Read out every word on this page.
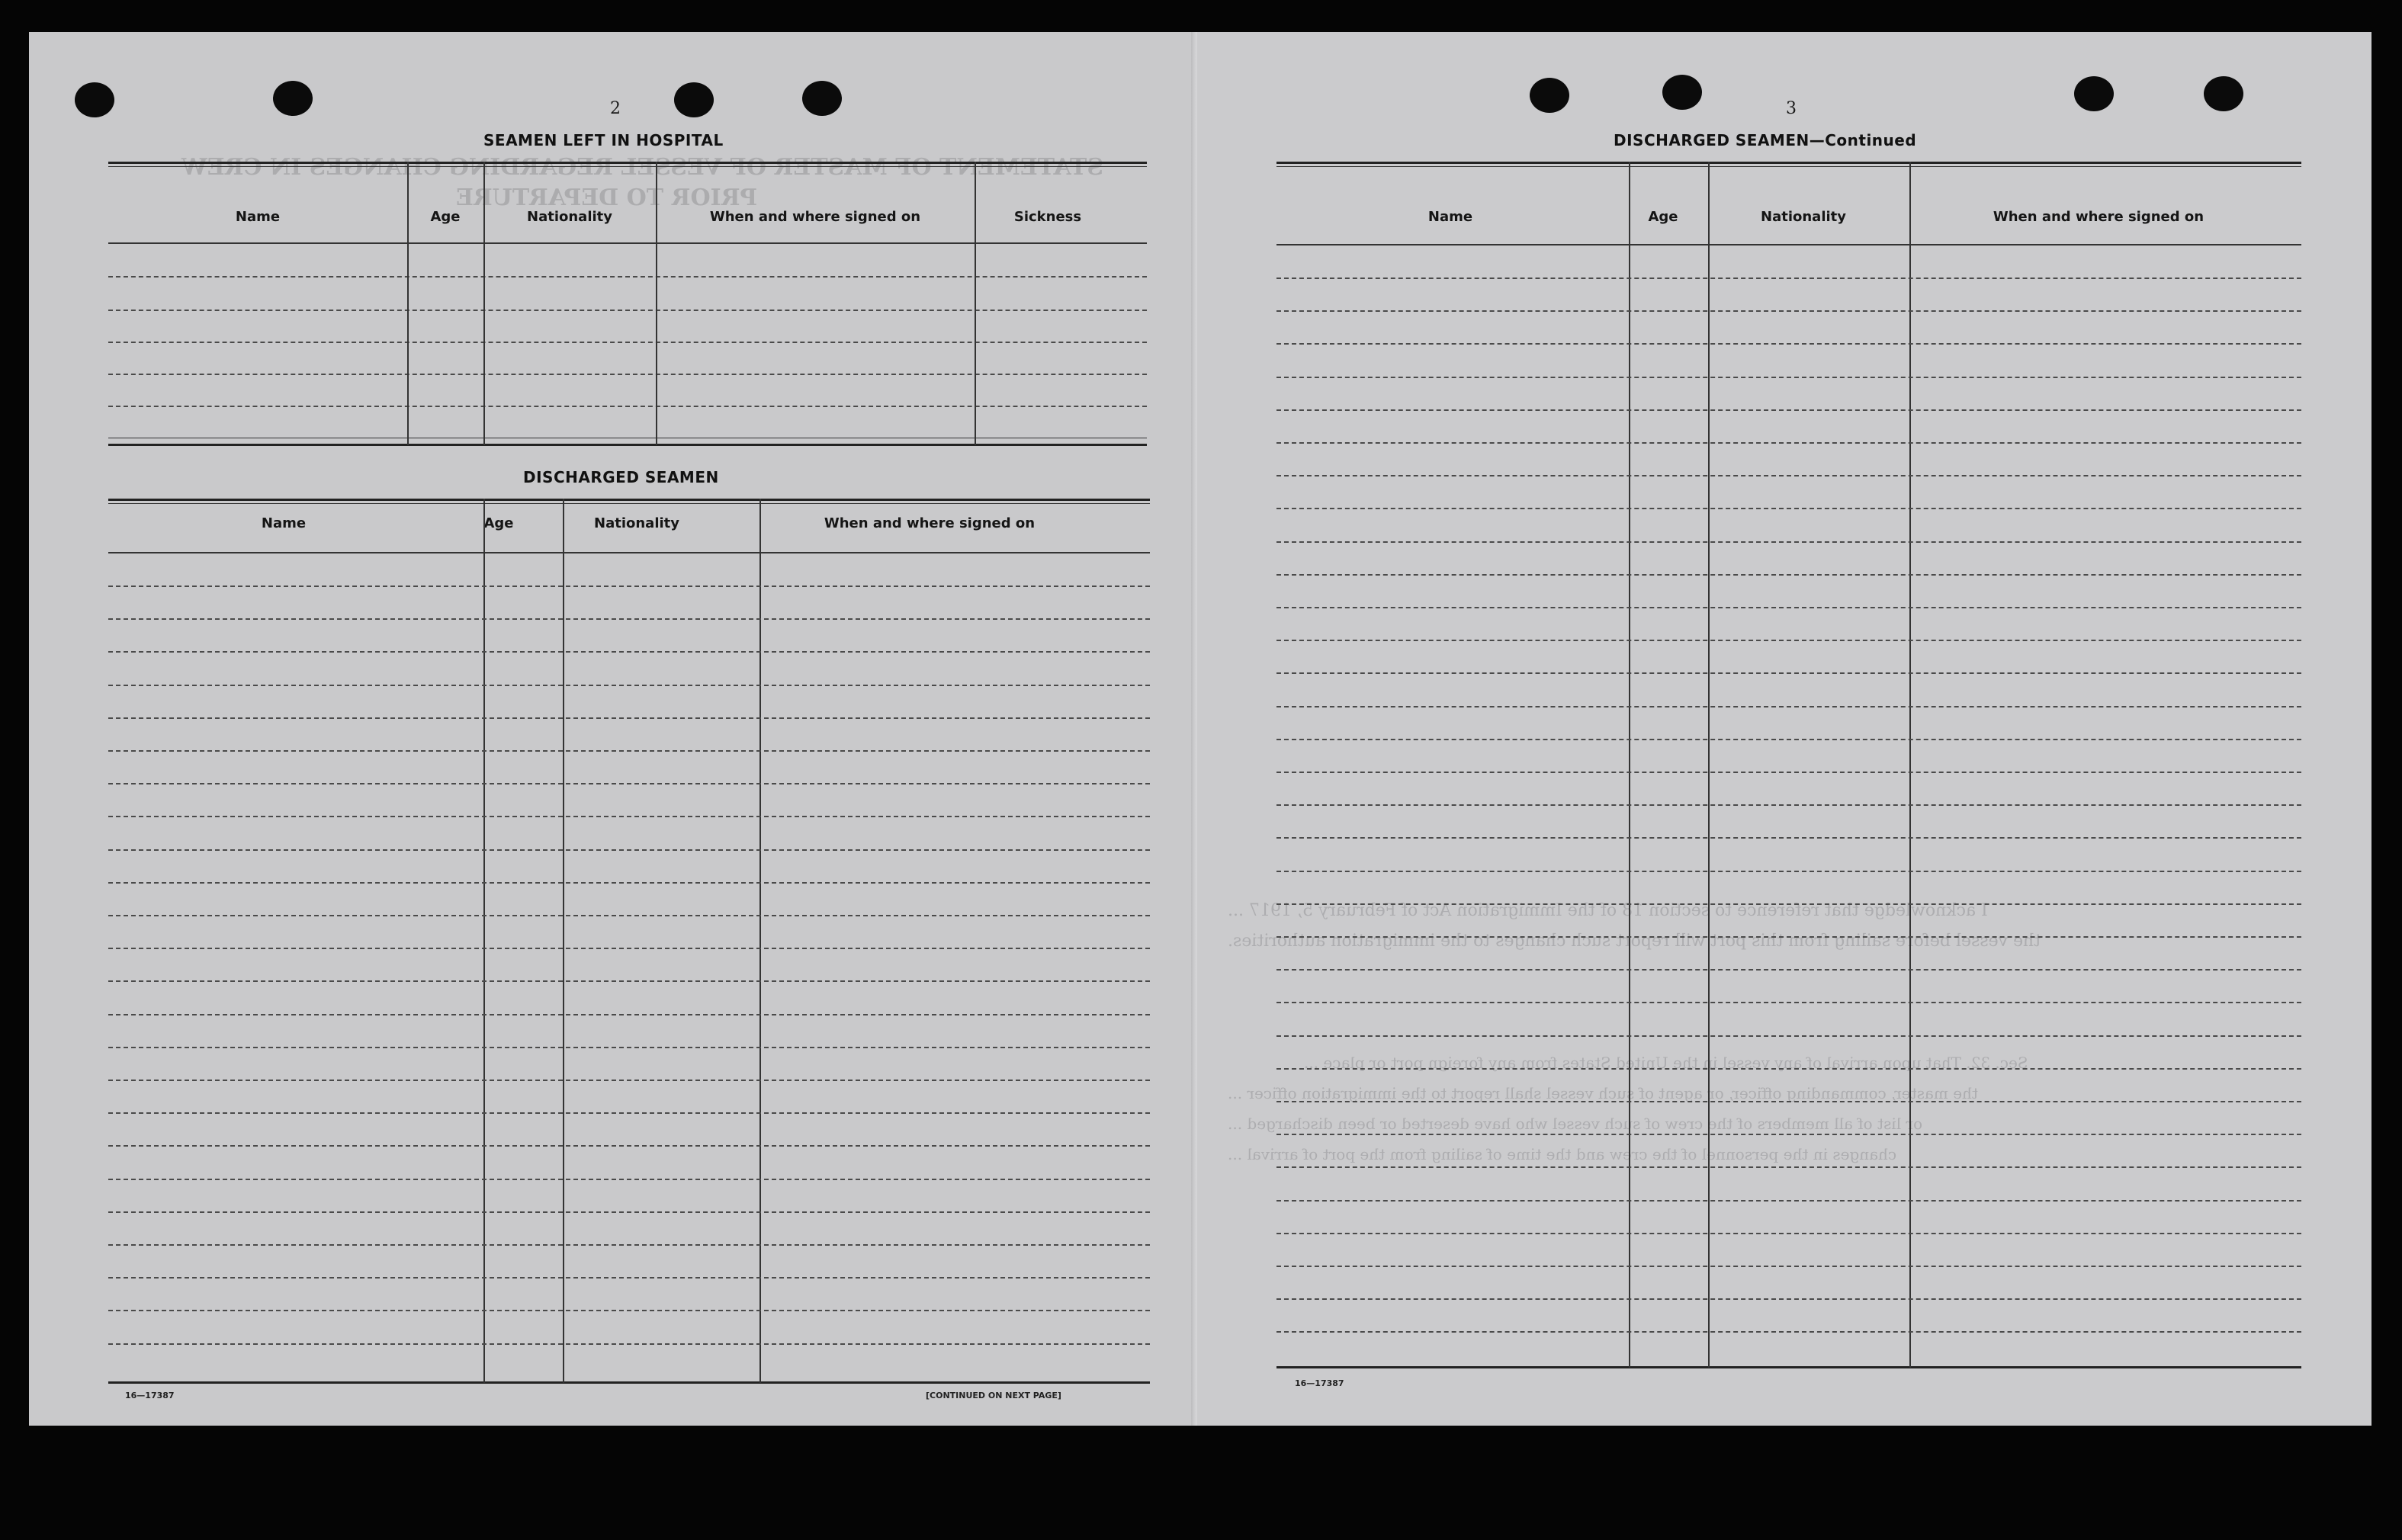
STATEMENT OF MASTER OF VESSEL REGARDING CHANGES IN CREW
PRIOR TO DEPARTURE
2
SEAMEN LEFT IN HOSPITAL
Name	Age	Nationality	When and where signed on	Sickness
DISCHARGED SEAMEN
Name	Age	Nationality	When and where signed on
16—17387	[CONTINUED ON NEXT PAGE]
I acknowledge that reference to section 18 of the Immigration Act of February 5, 1917 ...
the vessel before sailing from this port will report such changes to the immigration authorities.
Sec. 32. That upon arrival of any vessel in the United States from any foreign port or place ...
the master, commanding officer, or agent of such vessel shall report to the immigration officer ...
or list of all members of the crew of such vessel who have deserted or been discharged ...
changes in the personnel of the crew and the time of sailing from the port of arrival ...
3
DISCHARGED SEAMEN—Continued
Name	Age	Nationality	When and where signed on
16—17387
